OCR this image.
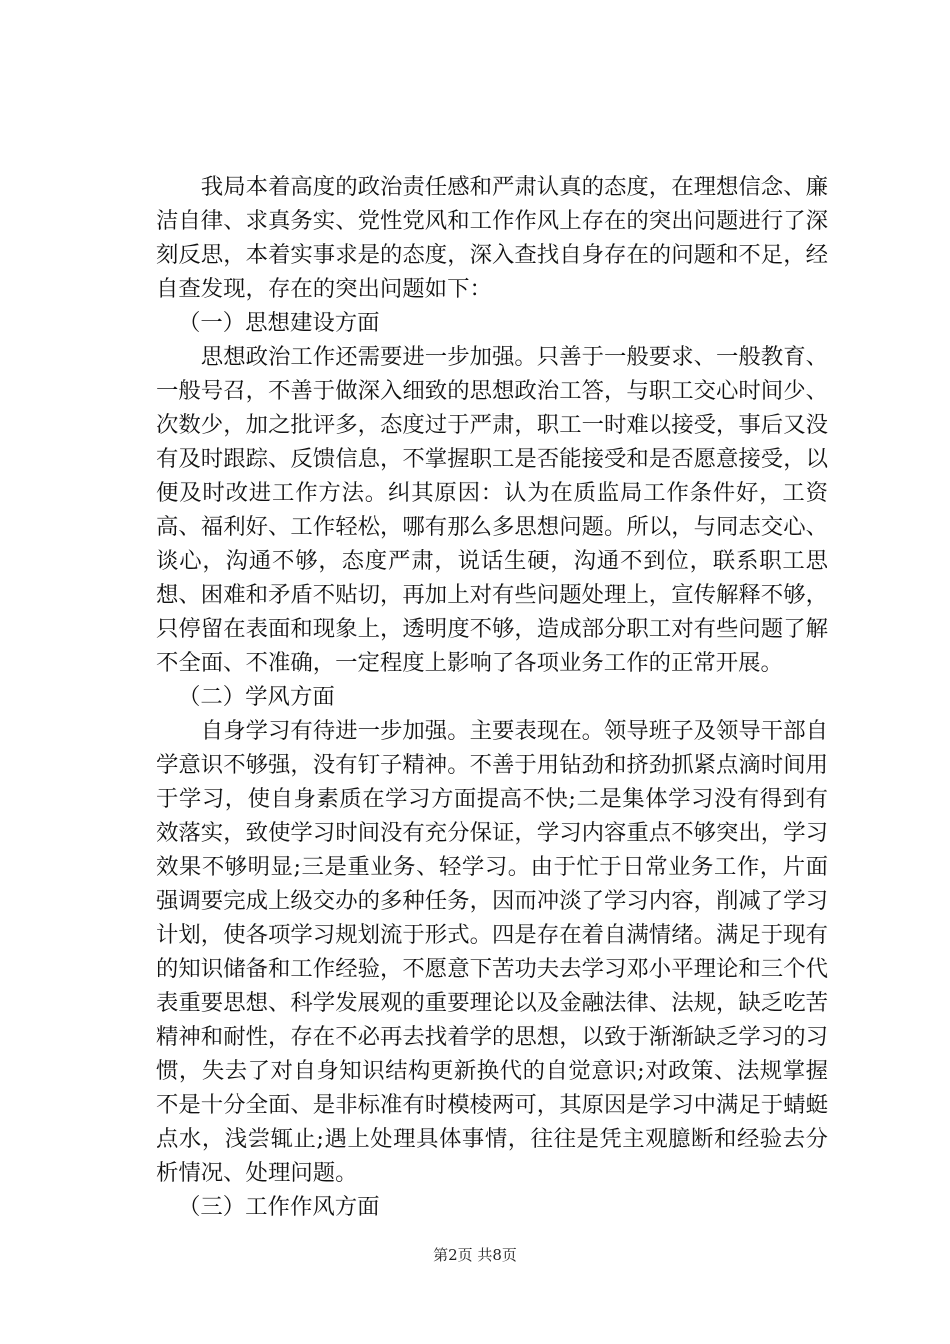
我局本着高度的政治责任感和严肃认真的态度，在理想信念、廉洁自律、求真务实、党性党风和工作作风上存在的突出问题进行了深刻反思，本着实事求是的态度，深入查找自身存在的问题和不足，经自查发现，存在的突出问题如下：

（一）思想建设方面

思想政治工作还需要进一步加强。只善于一般要求、一般教育、一般号召，不善于做深入细致的思想政治工答，与职工交心时间少、次数少，加之批评多，态度过于严肃，职工一时难以接受，事后又没有及时跟踪、反馈信息，不掌握职工是否能接受和是否愿意接受，以便及时改进工作方法。纠其原因：认为在质监局工作条件好，工资高、福利好、工作轻松，哪有那么多思想问题。所以，与同志交心、谈心，沟通不够，态度严肃，说话生硬，沟通不到位，联系职工思想、困难和矛盾不贴切，再加上对有些问题处理上，宣传解释不够，只停留在表面和现象上，透明度不够，造成部分职工对有些问题了解不全面、不准确，一定程度上影响了各项业务工作的正常开展。

（二）学风方面

自身学习有待进一步加强。主要表现在。领导班子及领导干部自学意识不够强，没有钉子精神。不善于用钻劲和挤劲抓紧点滴时间用于学习，使自身素质在学习方面提高不快;二是集体学习没有得到有效落实，致使学习时间没有充分保证，学习内容重点不够突出，学习效果不够明显;三是重业务、轻学习。由于忙于日常业务工作，片面强调要完成上级交办的多种任务，因而冲淡了学习内容，削减了学习计划，使各项学习规划流于形式。四是存在着自满情绪。满足于现有的知识储备和工作经验，不愿意下苦功夫去学习邓小平理论和三个代表重要思想、科学发展观的重要理论以及金融法律、法规，缺乏吃苦精神和耐性，存在不必再去找着学的思想，以致于渐渐缺乏学习的习惯，失去了对自身知识结构更新换代的自觉意识;对政策、法规掌握不是十分全面、是非标准有时模棱两可，其原因是学习中满足于蜻蜓点水，浅尝辄止;遇上处理具体事情，往往是凭主观臆断和经验去分析情况、处理问题。

（三）工作作风方面

第2页 共8页
